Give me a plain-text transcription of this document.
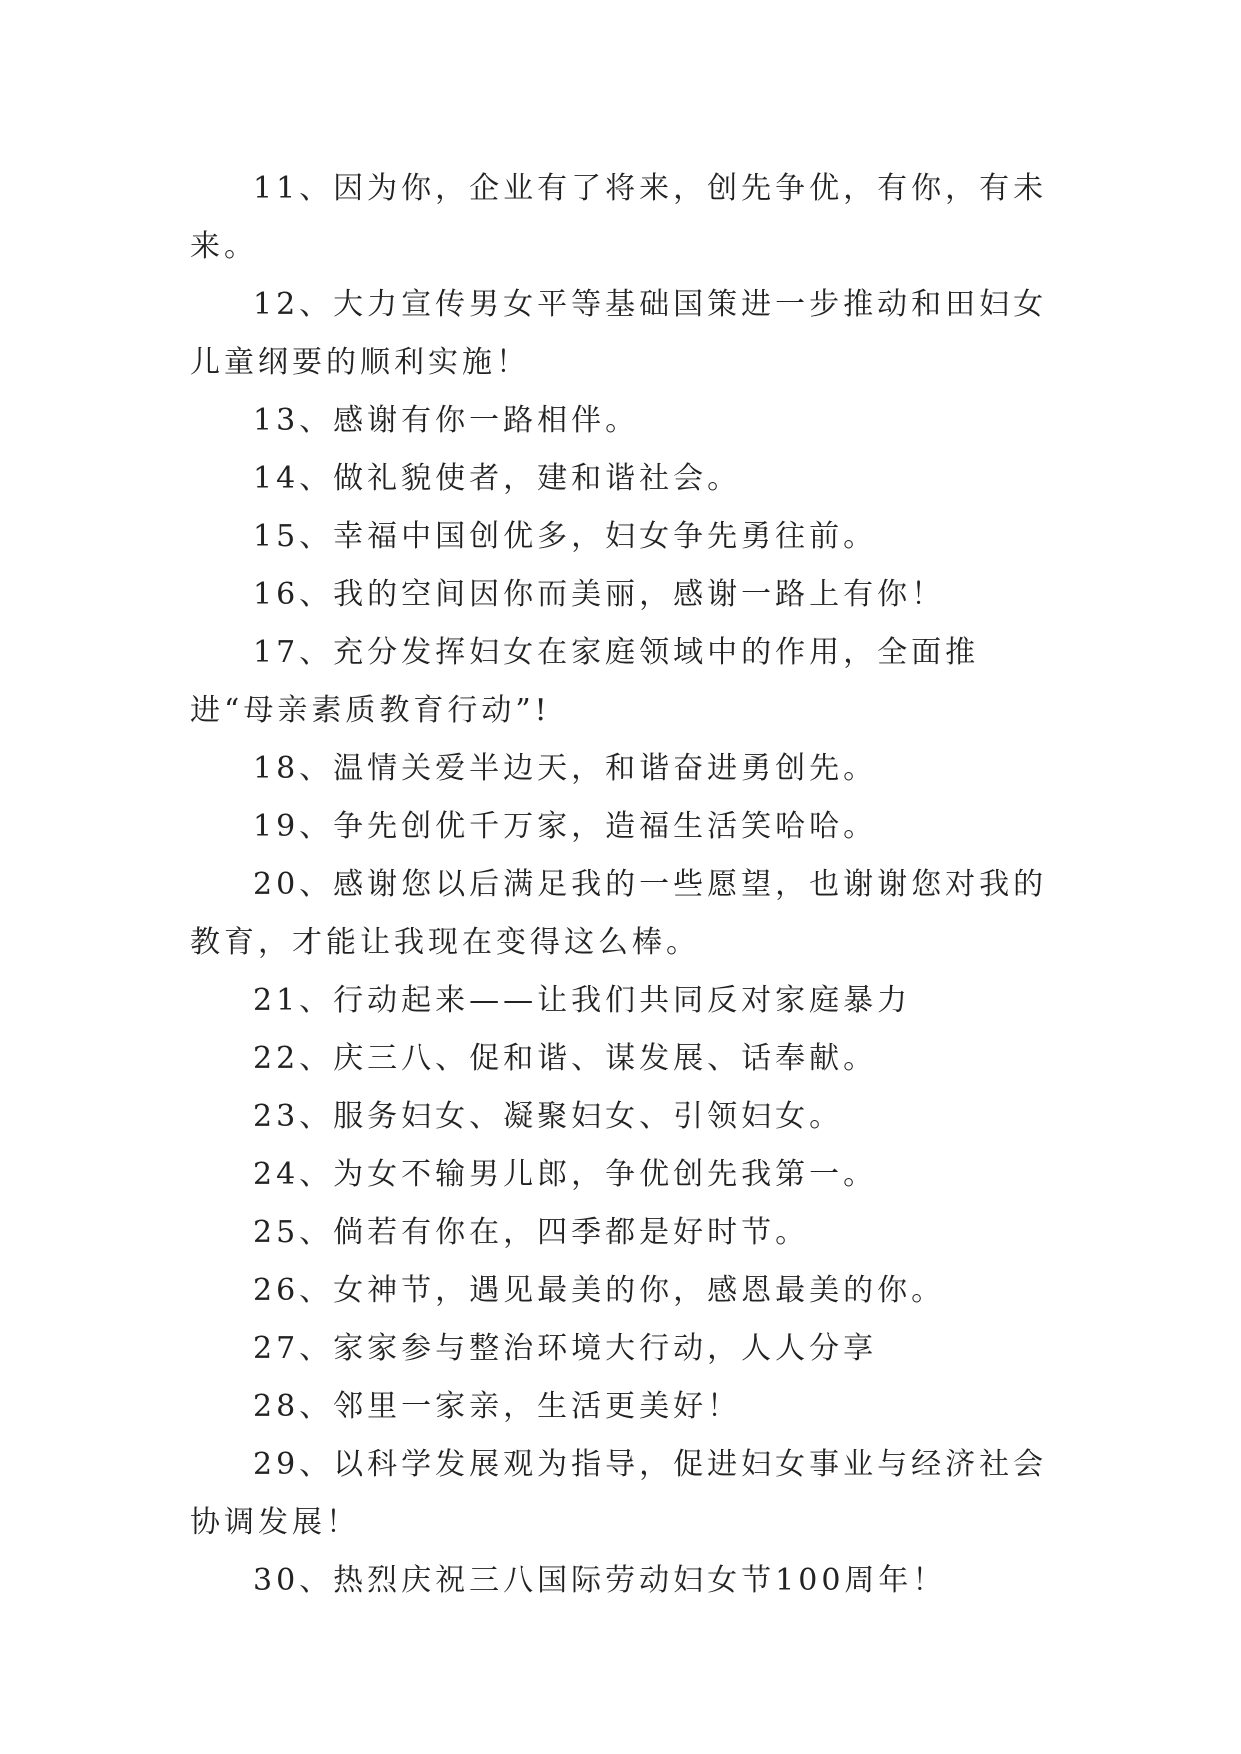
11、因为你，企业有了将来，创先争优，有你，有未来。

12、大力宣传男女平等基础国策进一步推动和田妇女儿童纲要的顺利实施！

13、感谢有你一路相伴。

14、做礼貌使者，建和谐社会。

15、幸福中国创优多，妇女争先勇往前。

16、我的空间因你而美丽，感谢一路上有你！

17、充分发挥妇女在家庭领域中的作用，全面推进“母亲素质教育行动”!

18、温情关爱半边天，和谐奋进勇创先。

19、争先创优千万家，造福生活笑哈哈。

20、感谢您以后满足我的一些愿望，也谢谢您对我的教育，才能让我现在变得这么棒。

21、行动起来——让我们共同反对家庭暴力

22、庆三八、促和谐、谋发展、话奉献。

23、服务妇女、凝聚妇女、引领妇女。

24、为女不输男儿郎，争优创先我第一。

25、倘若有你在，四季都是好时节。

26、女神节，遇见最美的你，感恩最美的你。

27、家家参与整治环境大行动，人人分享

28、邻里一家亲，生活更美好！

29、以科学发展观为指导，促进妇女事业与经济社会协调发展！

30、热烈庆祝三八国际劳动妇女节100周年！
